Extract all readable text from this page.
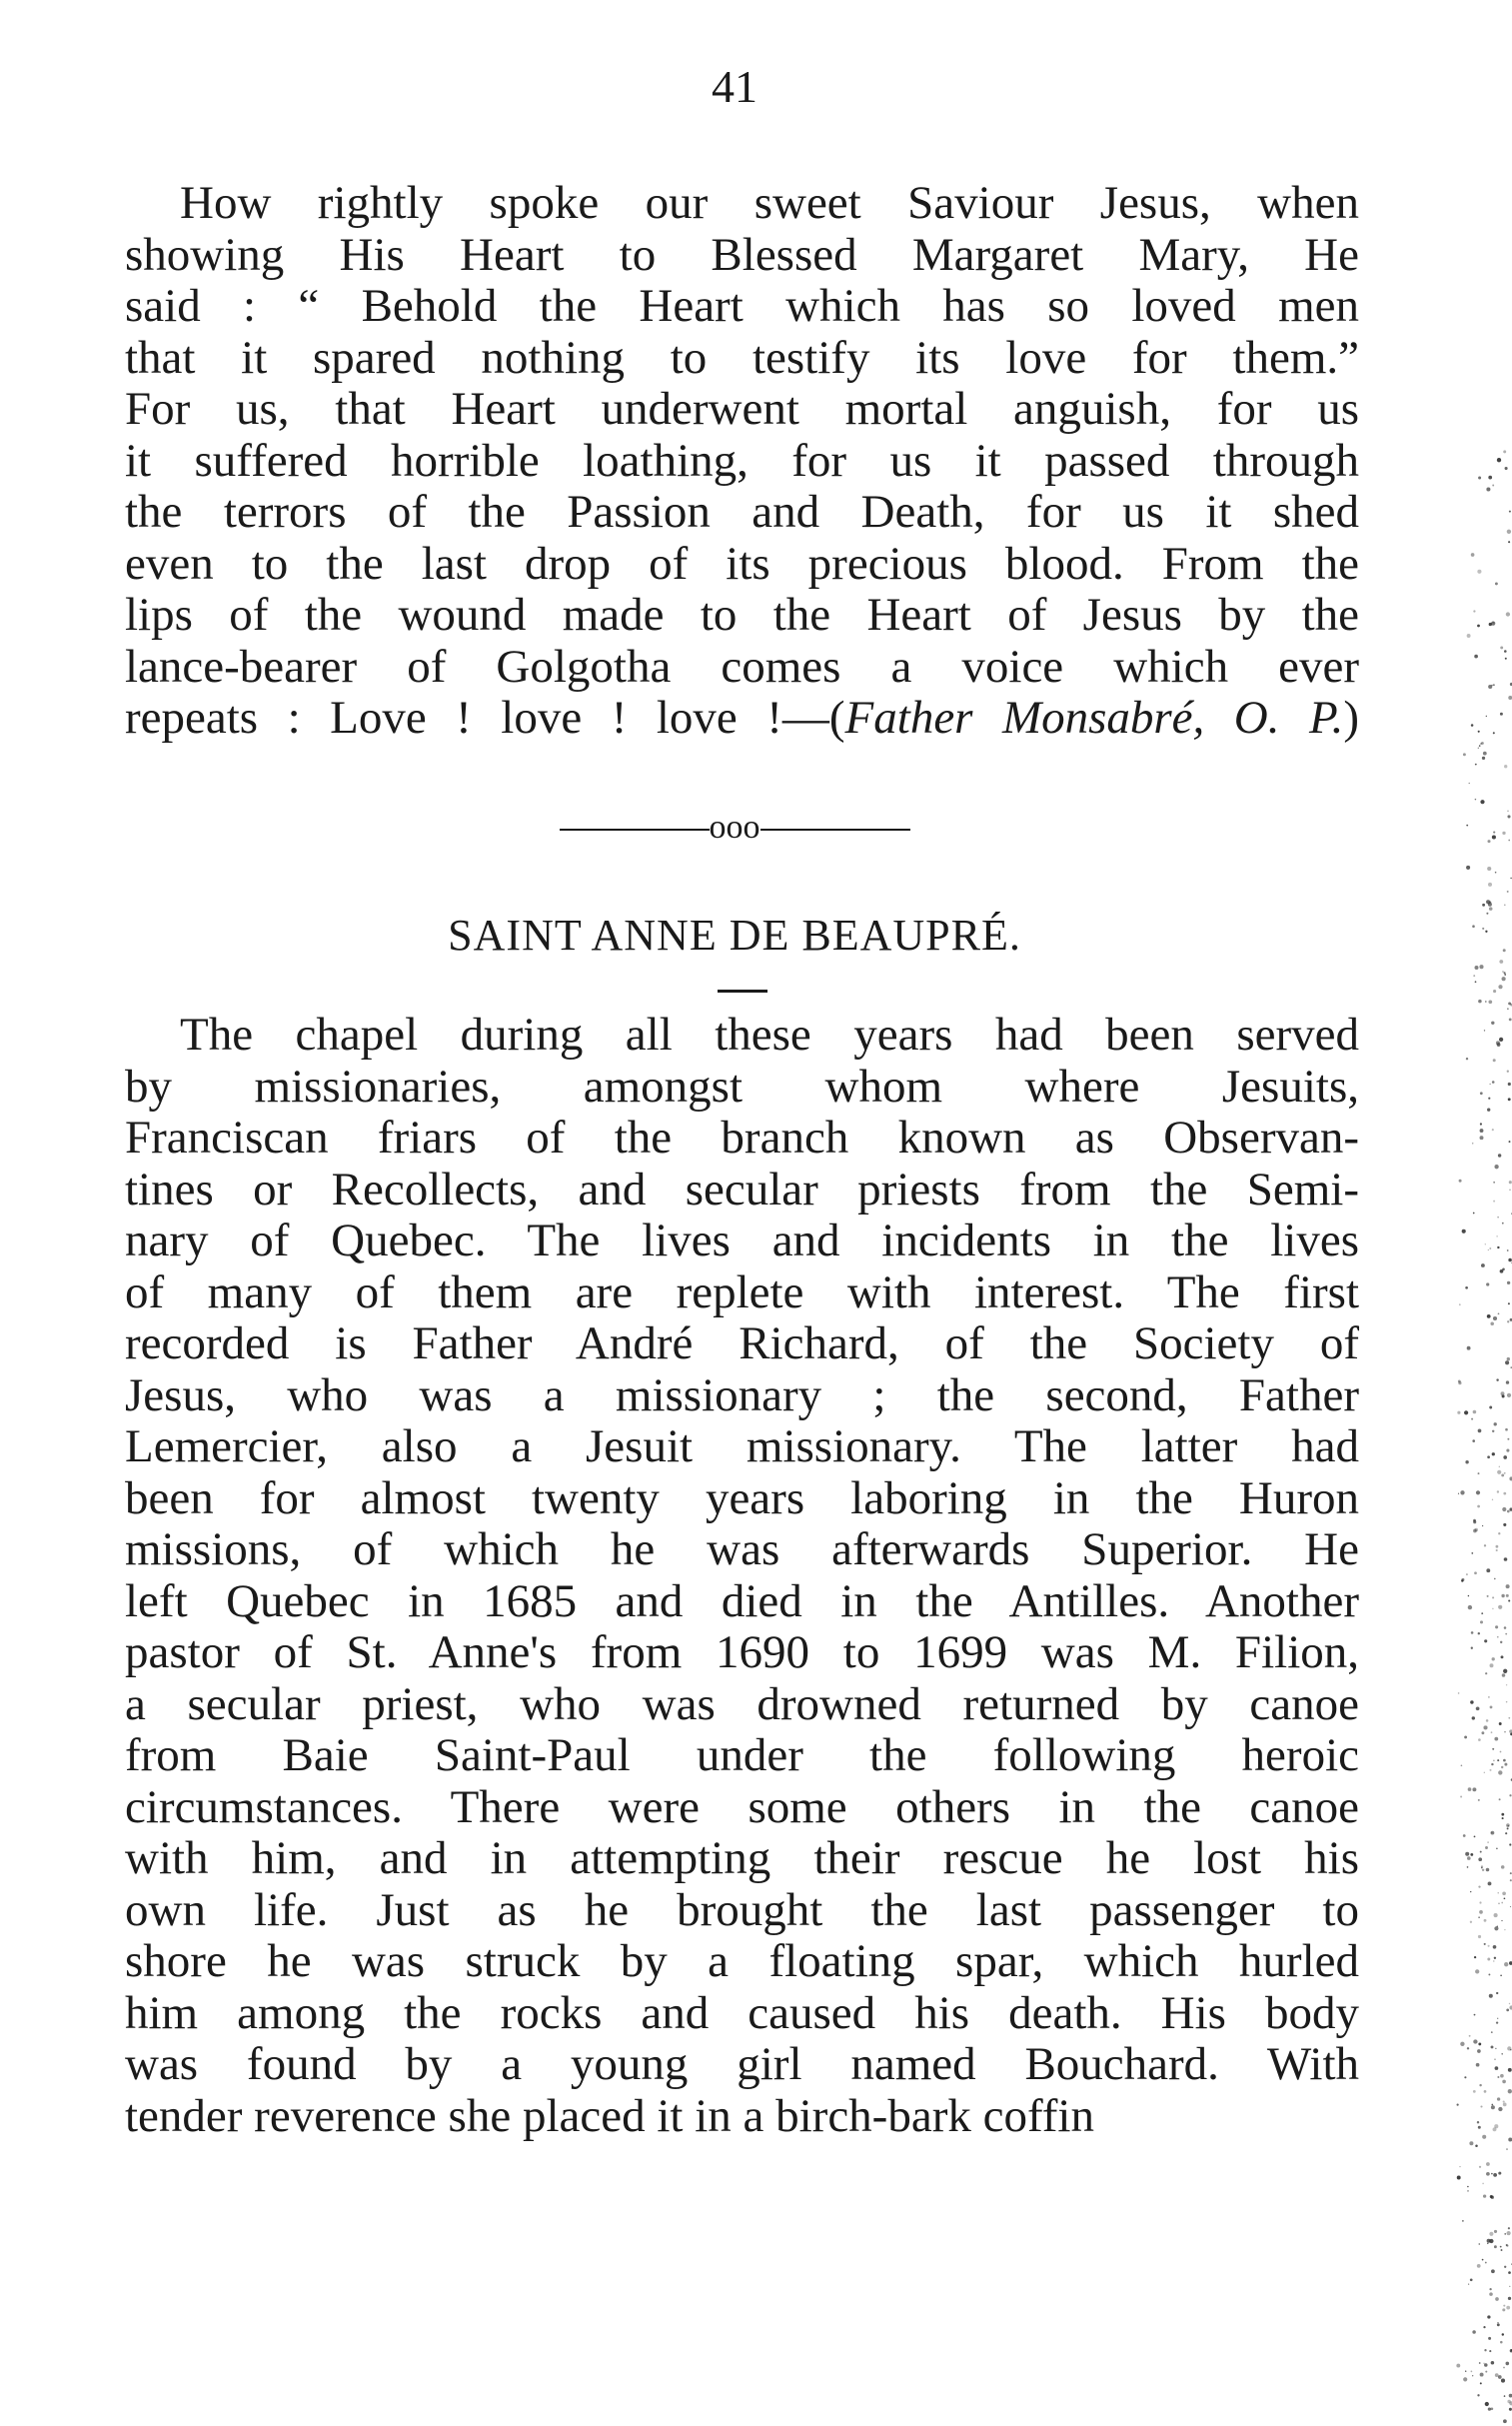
41
How rightly spoke our sweet Saviour Jesus, when
showing His Heart to Blessed Margaret Mary, He
said : “ Behold the Heart which has so loved men
that it spared nothing to testify its love for them.”
For us, that Heart underwent mortal anguish, for us
it suffered horrible loathing, for us it passed through
the terrors of the Passion and Death, for us it shed
even to the last drop of its precious blood. From the
lips of the wound made to the Heart of Jesus by the
lance-bearer of Golgotha comes a voice which ever
repeats : Love ! love ! love !—(Father Monsabré, O. P.)
ooo
SAINT ANNE DE BEAUPRÉ.
The chapel during all these years had been served
by missionaries, amongst whom where Jesuits,
Franciscan friars of the branch known as Observan-
tines or Recollects, and secular priests from the Semi-
nary of Quebec. The lives and incidents in the lives
of many of them are replete with interest. The first
recorded is Father André Richard, of the Society of
Jesus, who was a missionary ; the second, Father
Lemercier, also a Jesuit missionary. The latter had
been for almost twenty years laboring in the Huron
missions, of which he was afterwards Superior. He
left Quebec in 1685 and died in the Antilles. Another
pastor of St. Anne's from 1690 to 1699 was M. Filion,
a secular priest, who was drowned returned by canoe
from Baie Saint-Paul under the following heroic
circumstances. There were some others in the canoe
with him, and in attempting their rescue he lost his
own life. Just as he brought the last passenger to
shore he was struck by a floating spar, which hurled
him among the rocks and caused his death. His body
was found by a young girl named Bouchard. With
tender reverence she placed it in a birch-bark coffin
